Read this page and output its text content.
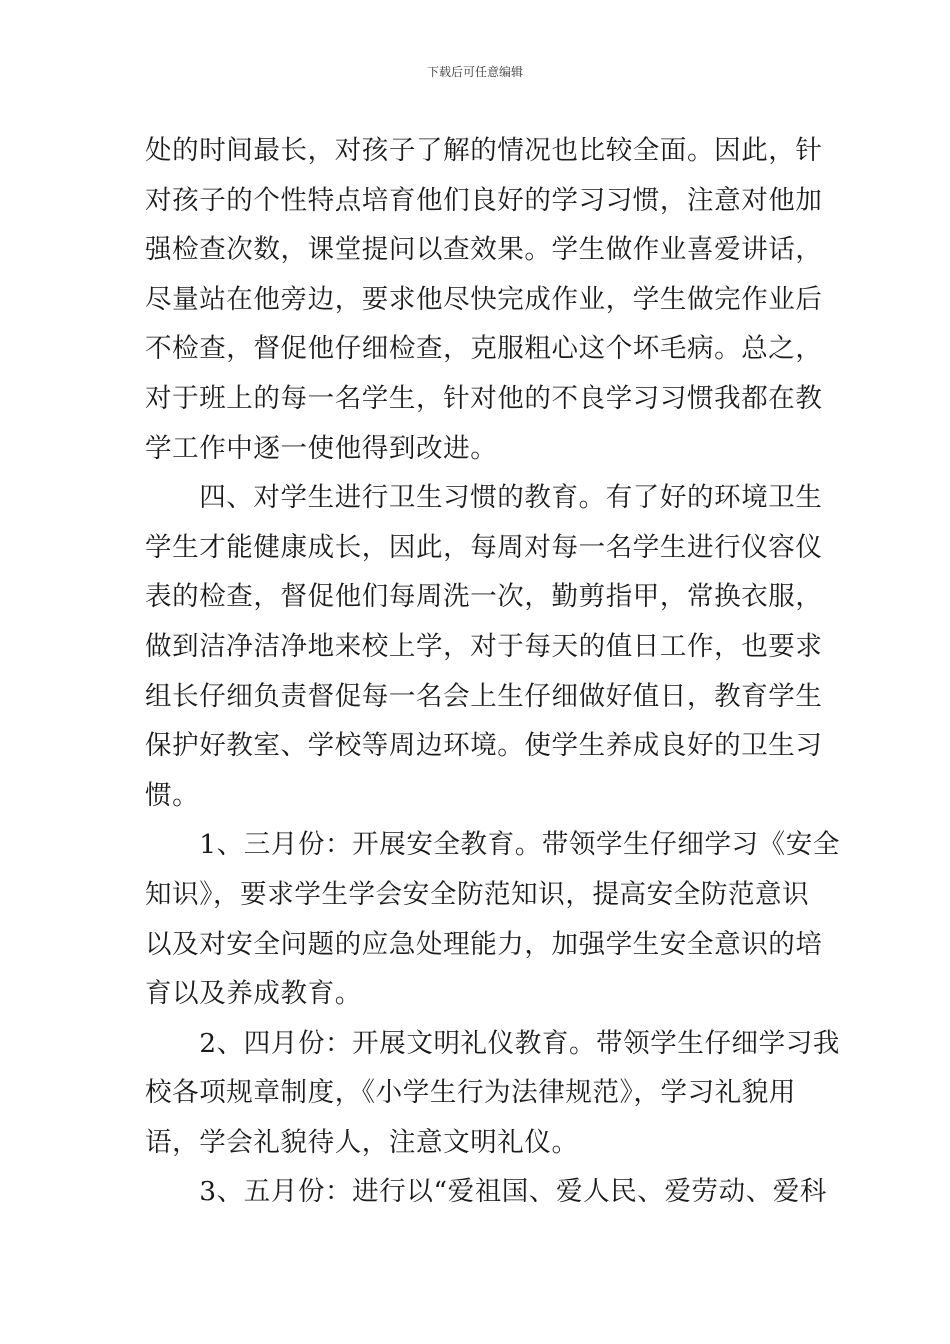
下载后可任意编辑

处的时间最长，对孩子了解的情况也比较全面。因此，针
对孩子的个性特点培育他们良好的学习习惯，注意对他加
强检查次数，课堂提问以查效果。学生做作业喜爱讲话，
尽量站在他旁边，要求他尽快完成作业，学生做完作业后
不检查，督促他仔细检查，克服粗心这个坏毛病。总之，
对于班上的每一名学生，针对他的不良学习习惯我都在教
学工作中逐一使他得到改进。

　　四、对学生进行卫生习惯的教育。有了好的环境卫生
学生才能健康成长，因此，每周对每一名学生进行仪容仪
表的检查，督促他们每周洗一次，勤剪指甲，常换衣服，
做到洁净洁净地来校上学，对于每天的值日工作，也要求
组长仔细负责督促每一名会上生仔细做好值日，教育学生
保护好教室、学校等周边环境。使学生养成良好的卫生习
惯。

　　1、三月份：开展安全教育。带领学生仔细学习《安全
知识》，要求学生学会安全防范知识，提高安全防范意识
以及对安全问题的应急处理能力，加强学生安全意识的培
育以及养成教育。

　　2、四月份：开展文明礼仪教育。带领学生仔细学习我
校各项规章制度，《小学生行为法律规范》，学习礼貌用
语，学会礼貌待人，注意文明礼仪。

　　3、五月份：进行以“爱祖国、爱人民、爱劳动、爱科
